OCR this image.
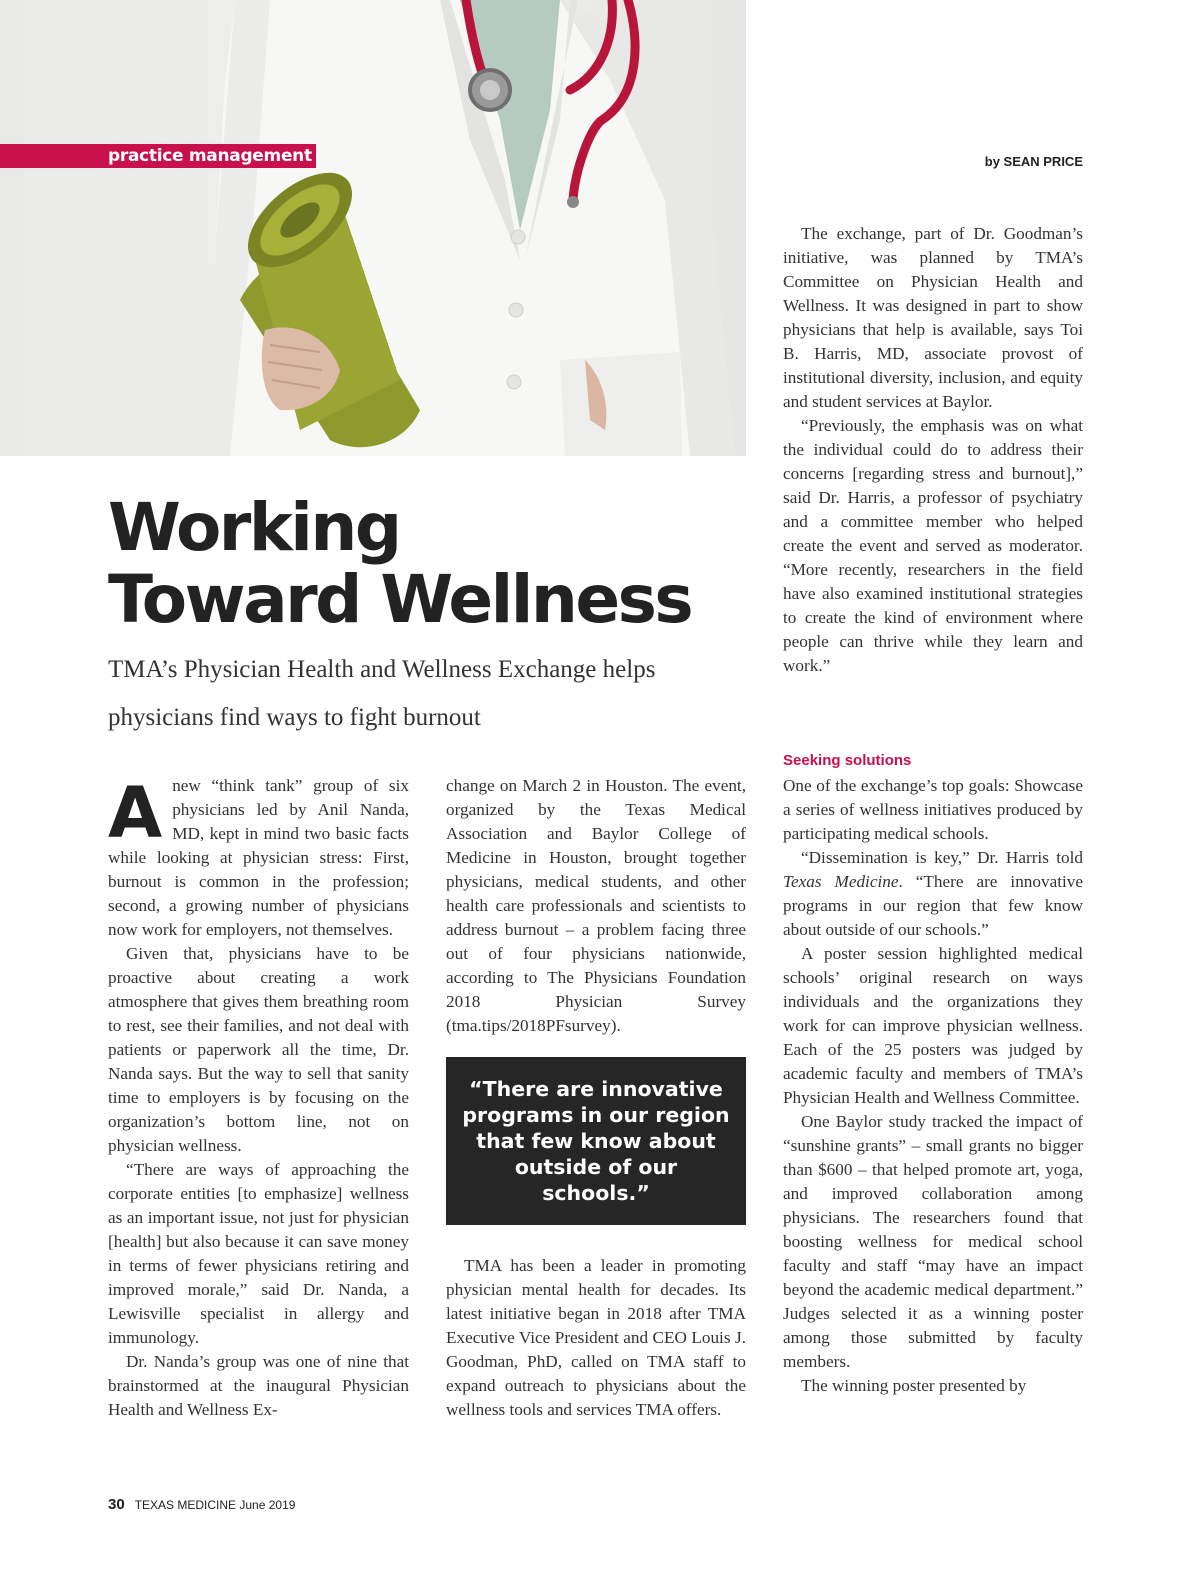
practice management	by SEAN PRICE
Working
Toward Wellness

TMA’s Physician Health and Wellness Exchange helps physicians find ways to fight burnout

Anew “think tank” group of six physicians led by Anil Nanda, MD, kept in mind two basic facts while looking at physician stress: First, burnout is common in the profession; second, a growing number of physicians now work for employers, not themselves.

Given that, physicians have to be proactive about creating a work atmosphere that gives them breathing room to rest, see their families, and not deal with patients or paperwork all the time, Dr. Nanda says. But the way to sell that sanity time to employers is by focusing on the organization’s bottom line, not on physician wellness.

“There are ways of approaching the corporate entities [to emphasize] wellness as an important issue, not just for physician [health] but also because it can save money in terms of fewer physicians retiring and improved morale,” said Dr. Nanda, a Lewisville specialist in allergy and immunology.

Dr. Nanda’s group was one of nine that brainstormed at the inaugural Physician Health and Wellness Ex-

change on March 2 in Houston. The event, organized by the Texas Medical Association and Baylor College of Medicine in Houston, brought together physicians, medical students, and other health care professionals and scientists to address burnout – a problem facing three out of four physicians nationwide, according to The Physicians Foundation 2018 Physician Survey (tma.tips/2018PFsurvey).

“There are innovative programs in our region that few know about outside of our schools.”

TMA has been a leader in promoting physician mental health for decades. Its latest initiative began in 2018 after TMA Executive Vice President and CEO Louis J. Goodman, PhD, called on TMA staff to expand outreach to physicians about the wellness tools and services TMA offers.

The exchange, part of Dr. Goodman’s initiative, was planned by TMA’s Committee on Physician Health and Wellness. It was designed in part to show physicians that help is available, says Toi B. Harris, MD, associate provost of institutional diversity, inclusion, and equity and student services at Baylor.

“Previously, the emphasis was on what the individual could do to address their concerns [regarding stress and burnout],” said Dr. Harris, a professor of psychiatry and a committee member who helped create the event and served as moderator. “More recently, researchers in the field have also examined institutional strategies to create the kind of environment where people can thrive while they learn and work.”

Seeking solutions

One of the exchange’s top goals: Showcase a series of wellness initiatives produced by participating medical schools.

“Dissemination is key,” Dr. Harris told Texas Medicine. “There are innovative programs in our region that few know about outside of our schools.”

A poster session highlighted medical schools’ original research on ways individuals and the organizations they work for can improve physician wellness. Each of the 25 posters was judged by academic faculty and members of TMA’s Physician Health and Wellness Committee.

One Baylor study tracked the impact of “sunshine grants” – small grants no bigger than $600 – that helped promote art, yoga, and improved collaboration among physicians. The researchers found that boosting wellness for medical school faculty and staff “may have an impact beyond the academic medical department.” Judges selected it as a winning poster among those submitted by faculty members.

The winning poster presented by

30 TEXAS MEDICINE June 2019
